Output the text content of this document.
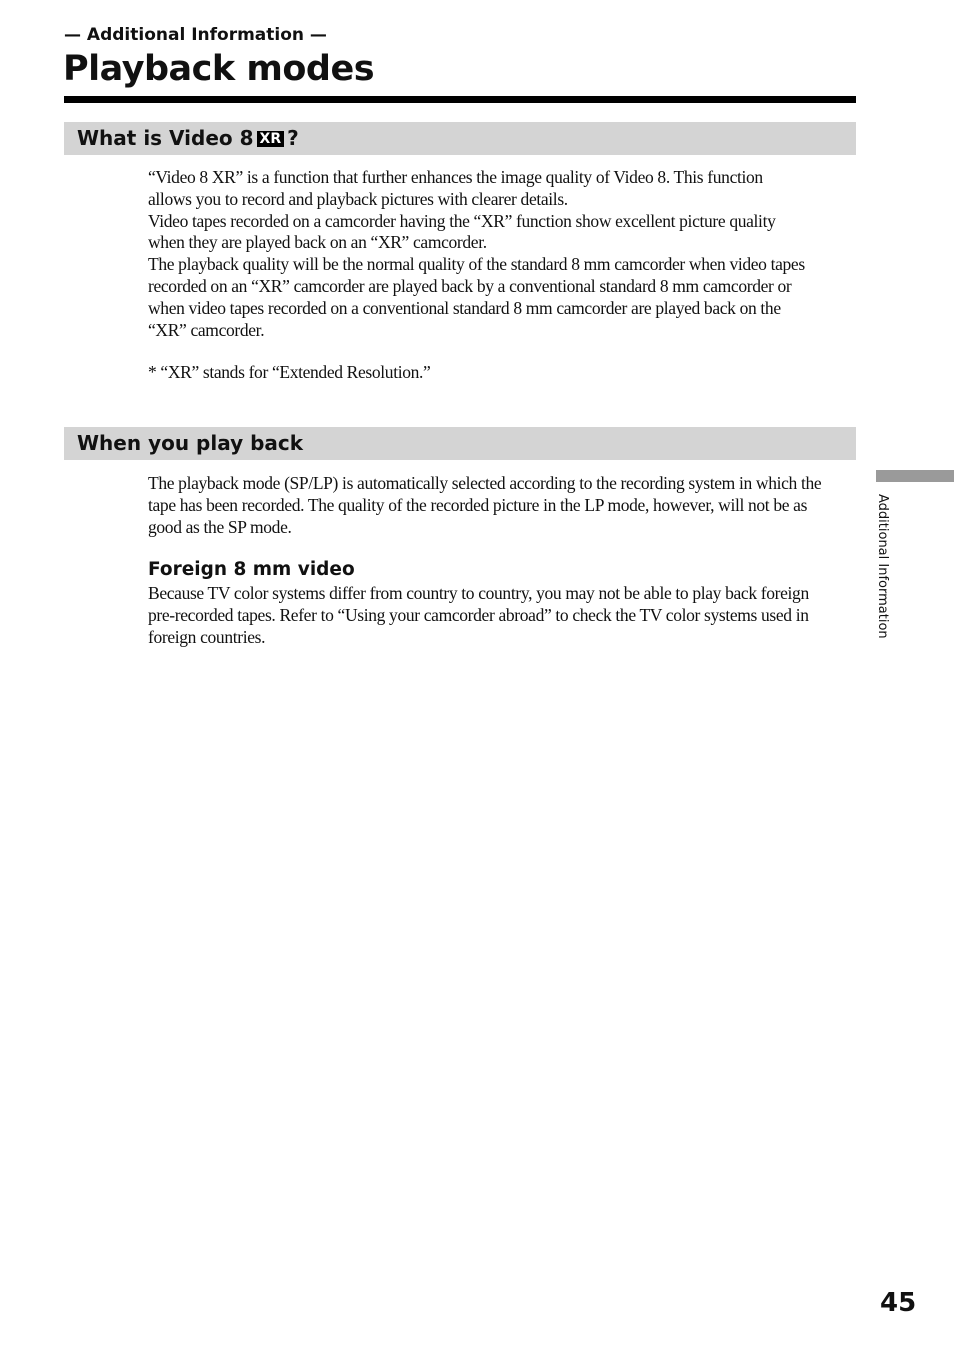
— Additional Information —
Playback modes
What is Video 8 XR ?

“Video 8 XR” is a function that further enhances the image quality of Video 8. This function allows you to record and playback pictures with clearer details.

Video tapes recorded on a camcorder having the “XR” function show excellent picture quality when they are played back on an “XR” camcorder.

The playback quality will be the normal quality of the standard 8 mm camcorder when video tapes recorded on an “XR” camcorder are played back by a conventional standard 8 mm camcorder or when video tapes recorded on a conventional standard 8 mm camcorder are played back on the “XR” camcorder.

* “XR” stands for “Extended Resolution.”
When you play back
The playback mode (SP/LP) is automatically selected according to the recording system in which the tape has been recorded. The quality of the recorded picture in the LP mode, however, will not be as good as the SP mode.
Foreign 8 mm video
Because TV color systems differ from country to country, you may not be able to play back foreign pre-recorded tapes. Refer to “Using your camcorder abroad” to check the TV color systems used in foreign countries.	Additional Information
45
